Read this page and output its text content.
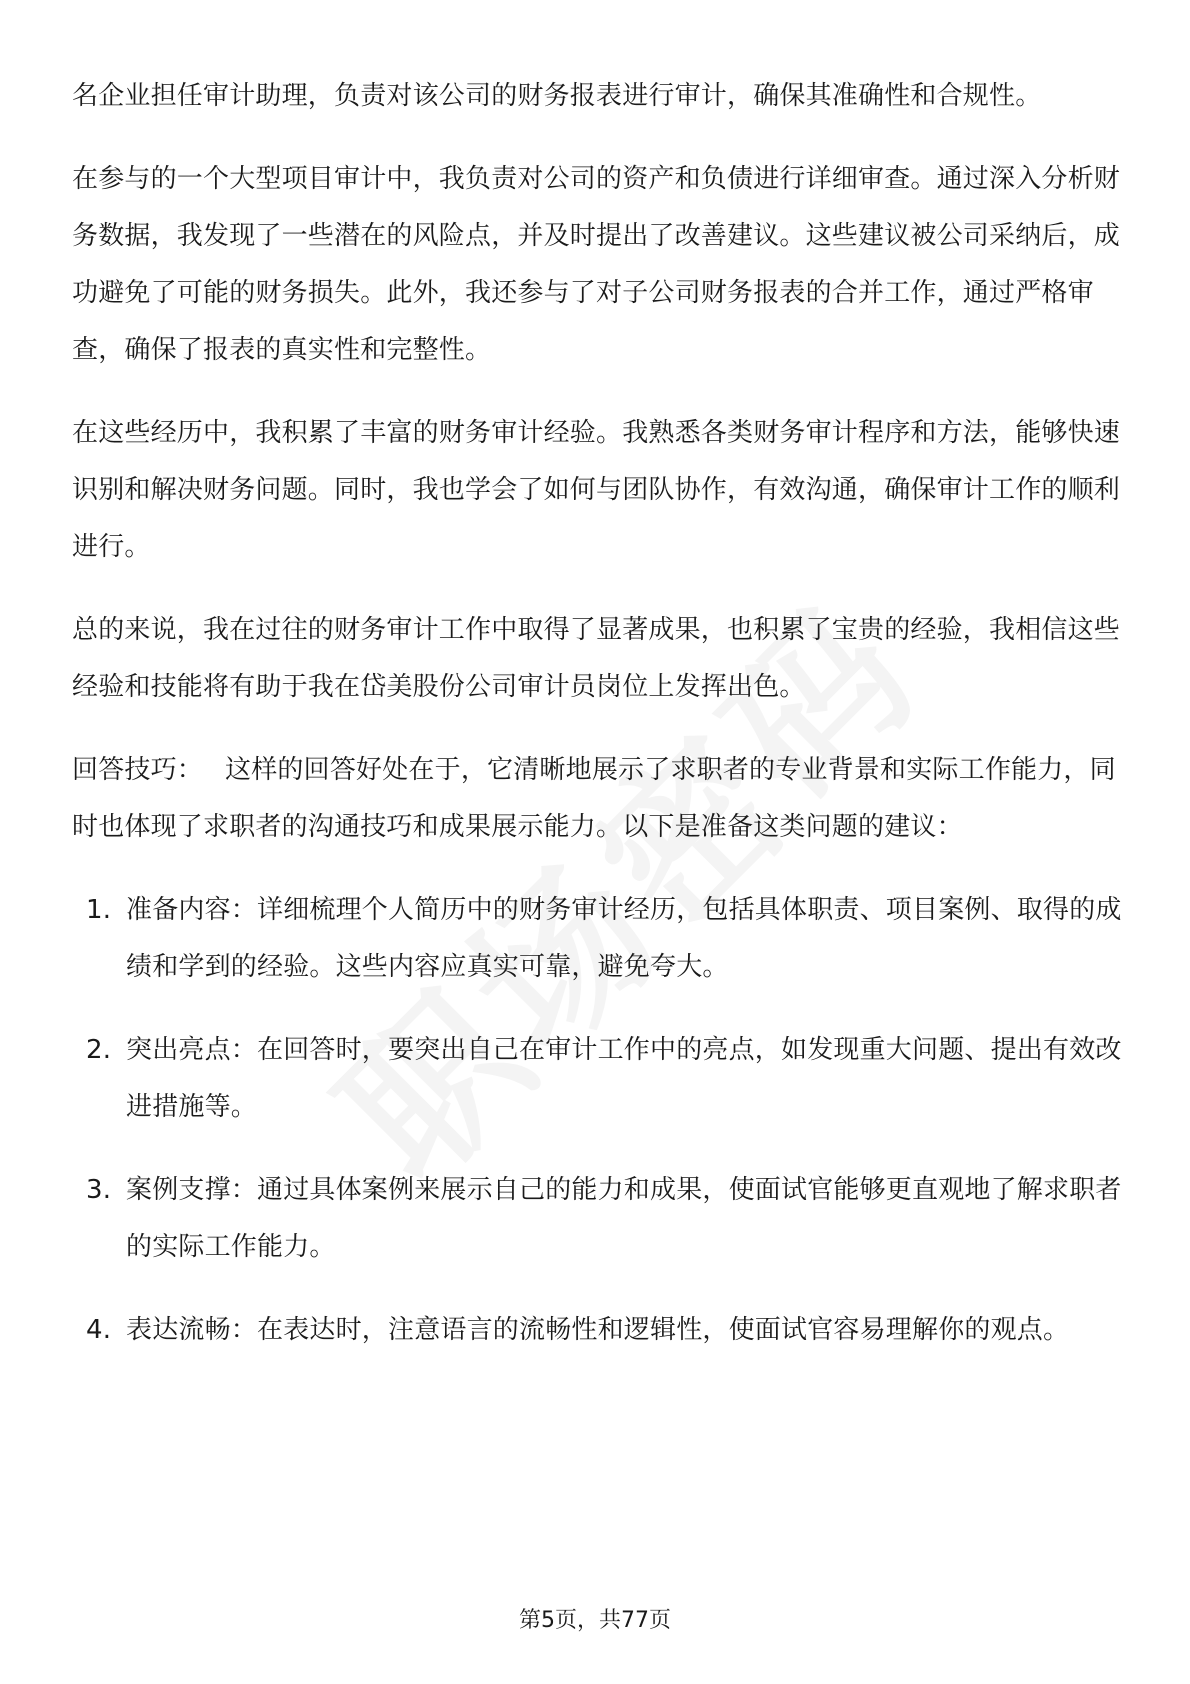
名企业担任审计助理，负责对该公司的财务报表进行审计，确保其准确性和合规性。

在参与的一个大型项目审计中，我负责对公司的资产和负债进行详细审查。通过深入分析财务数据，我发现了一些潜在的风险点，并及时提出了改善建议。这些建议被公司采纳后，成功避免了可能的财务损失。此外，我还参与了对子公司财务报表的合并工作，通过严格审查，确保了报表的真实性和完整性。

在这些经历中，我积累了丰富的财务审计经验。我熟悉各类财务审计程序和方法，能够快速识别和解决财务问题。同时，我也学会了如何与团队协作，有效沟通，确保审计工作的顺利进行。

总的来说，我在过往的财务审计工作中取得了显著成果，也积累了宝贵的经验，我相信这些经验和技能将有助于我在岱美股份公司审计员岗位上发挥出色。

回答技巧： 这样的回答好处在于，它清晰地展示了求职者的专业背景和实际工作能力，同时也体现了求职者的沟通技巧和成果展示能力。以下是准备这类问题的建议：

1. 准备内容：详细梳理个人简历中的财务审计经历，包括具体职责、项目案例、取得的成绩和学到的经验。这些内容应真实可靠，避免夸大。
2. 突出亮点：在回答时，要突出自己在审计工作中的亮点，如发现重大问题、提出有效改进措施等。
3. 案例支撑：通过具体案例来展示自己的能力和成果，使面试官能够更直观地了解求职者的实际工作能力。
4. 表达流畅：在表达时，注意语言的流畅性和逻辑性，使面试官容易理解你的观点。
第5页，共77页
